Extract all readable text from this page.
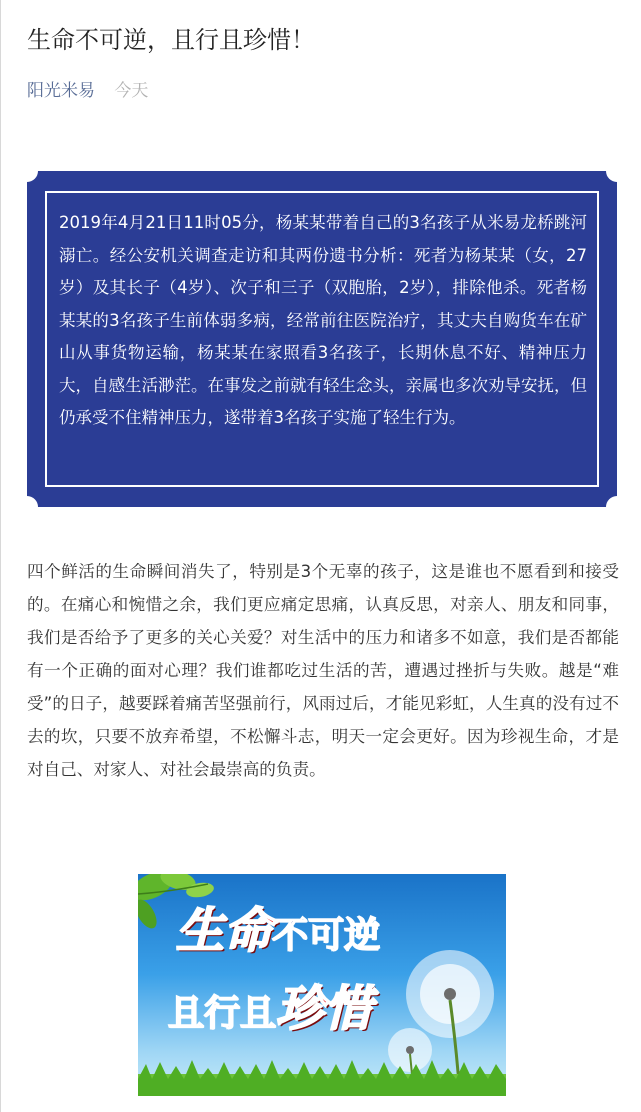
生命不可逆，且行且珍惜！
阳光米易 今天

2019年4月21日11时05分，杨某某带着自己的3名孩子从米易龙桥跳河溺亡。经公安机关调查走访和其两份遗书分析：死者为杨某某（女，27岁）及其长子（4岁）、次子和三子（双胞胎，2岁），排除他杀。死者杨某某的3名孩子生前体弱多病，经常前往医院治疗，其丈夫自购货车在矿山从事货物运输，杨某某在家照看3名孩子，长期休息不好、精神压力大，自感生活渺茫。在事发之前就有轻生念头，亲属也多次劝导安抚，但仍承受不住精神压力，遂带着3名孩子实施了轻生行为。

四个鲜活的生命瞬间消失了，特别是3个无辜的孩子，这是谁也不愿看到和接受的。在痛心和惋惜之余，我们更应痛定思痛，认真反思，对亲人、朋友和同事，我们是否给予了更多的关心关爱？对生活中的压力和诸多不如意，我们是否都能有一个正确的面对心理？我们谁都吃过生活的苦，遭遇过挫折与失败。越是“难受”的日子，越要踩着痛苦坚强前行，风雨过后，才能见彩虹，人生真的没有过不去的坎，只要不放弃希望，不松懈斗志，明天一定会更好。因为珍视生命，才是对自己、对家人、对社会最崇高的负责。

生命不可逆
且行且珍惜
